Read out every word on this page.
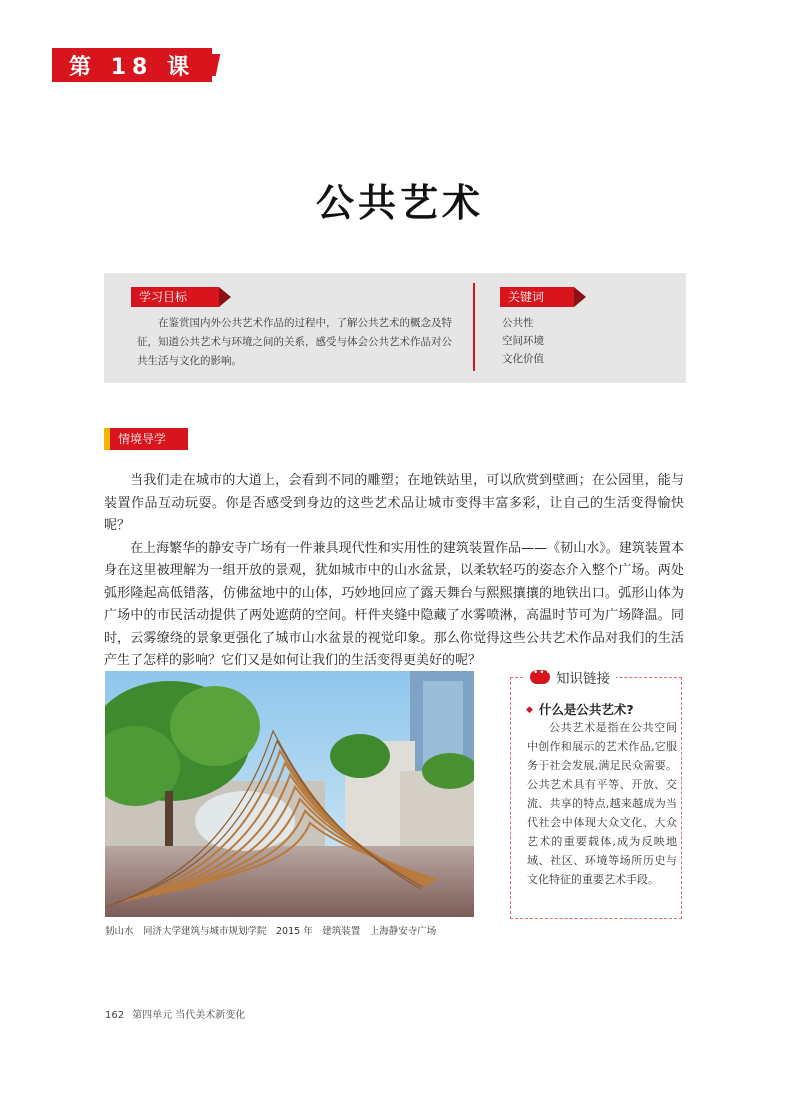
第 18 课
公共艺术
学习目标
在鉴赏国内外公共艺术作品的过程中，了解公共艺术的概念及特征，知道公共艺术与环境之间的关系，感受与体会公共艺术作品对公共生活与文化的影响。
关键词
公共性
空间环境
文化价值
情境导学

当我们走在城市的大道上，会看到不同的雕塑；在地铁站里，可以欣赏到壁画；在公园里，能与装置作品互动玩耍。你是否感受到身边的这些艺术品让城市变得丰富多彩，让自己的生活变得愉快呢？

在上海繁华的静安寺广场有一件兼具现代性和实用性的建筑装置作品——《韧山水》。建筑装置本身在这里被理解为一组开放的景观，犹如城市中的山水盆景，以柔软轻巧的姿态介入整个广场。两处弧形隆起高低错落，仿佛盆地中的山体，巧妙地回应了露天舞台与熙熙攘攘的地铁出口。弧形山体为广场中的市民活动提供了两处遮荫的空间。杆件夹缝中隐藏了水雾喷淋，高温时节可为广场降温。同时，云雾缭绕的景象更强化了城市山水盆景的视觉印象。那么你觉得这些公共艺术作品对我们的生活产生了怎样的影响？它们又是如何让我们的生活变得更美好的呢？

韧山水　同济大学建筑与城市规划学院　2015 年　建筑装置　上海静安寺广场
•••
知识链接
◆ 什么是公共艺术?
公共艺术是指在公共空间中创作和展示的艺术作品,它服务于社会发展,满足民众需要。公共艺术具有平等、开放、交流、共享的特点,越来越成为当代社会中体现大众文化、大众艺术的重要载体,成为反映地域、社区、环境等场所历史与文化特征的重要艺术手段。
162 第四单元 当代美术新变化
